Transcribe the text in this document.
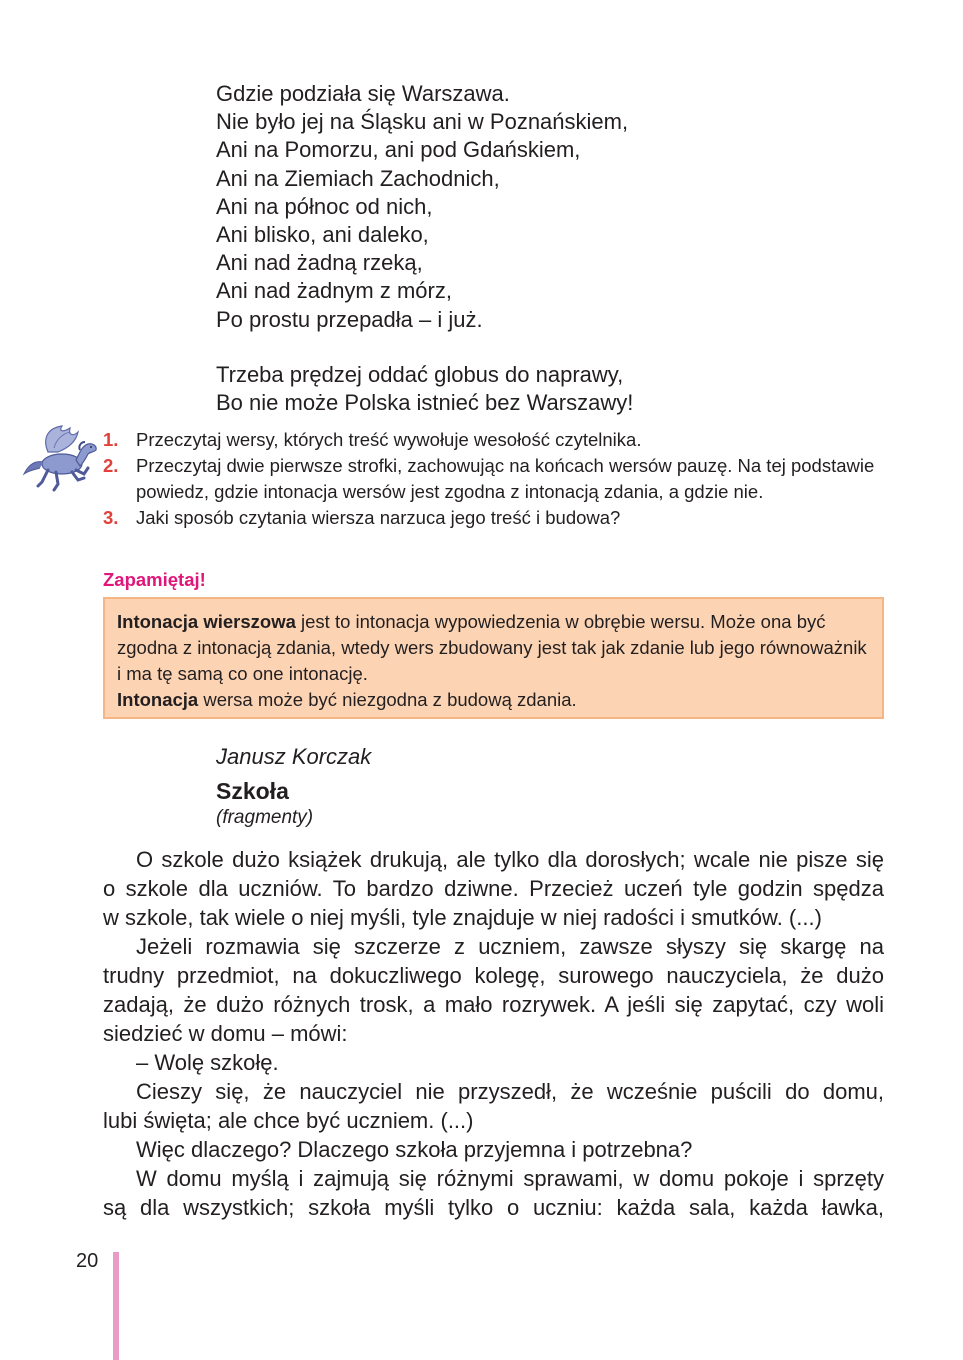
Gdzie podziała się Warszawa.
Nie było jej na Śląsku ani w Poznańskiem,
Ani na Pomorzu, ani pod Gdańskiem,
Ani na Ziemiach Zachodnich,
Ani na północ od nich,
Ani blisko, ani daleko,
Ani nad żadną rzeką,
Ani nad żadnym z mórz,
Po prostu przepadła – i już.
Trzeba prędzej oddać globus do naprawy,
Bo nie może Polska istnieć bez Warszawy!
1. Przeczytaj wersy, których treść wywołuje wesołość czytelnika.
2. Przeczytaj dwie pierwsze strofki, zachowując na końcach wersów pauzę. Na tej podstawie powiedz, gdzie intonacja wersów jest zgodna z intonacją zdania, a gdzie nie.
3. Jaki sposób czytania wiersza narzuca jego treść i budowa?
Zapamiętaj!

Intonacja wierszowa jest to intonacja wypowiedzenia w obrębie wersu. Może ona być zgodna z intonacją zdania, wtedy wers zbudowany jest tak jak zdanie lub jego równoważnik i ma tę samą co one intonację.

Intonacja wersa może być niezgodna z budową zdania.

Janusz Korczak
Szkoła
(fragmenty)
O szkole dużo książek drukują, ale tylko dla dorosłych; wcale nie pisze się
o szkole dla uczniów. To bardzo dziwne. Przecież uczeń tyle godzin spędza
w szkole, tak wiele o niej myśli, tyle znajduje w niej radości i smutków. (...)
Jeżeli rozmawia się szczerze z uczniem, zawsze słyszy się skargę na
trudny przedmiot, na dokuczliwego kolegę, surowego nauczyciela, że dużo
zadają, że dużo różnych trosk, a mało rozrywek. A jeśli się zapytać, czy woli
siedzieć w domu – mówi:
– Wolę szkołę.
Cieszy się, że nauczyciel nie przyszedł, że wcześnie puścili do domu,
lubi święta; ale chce być uczniem. (...)
Więc dlaczego? Dlaczego szkoła przyjemna i potrzebna?
W domu myślą i zajmują się różnymi sprawami, w domu pokoje i sprzęty
są dla wszystkich; szkoła myśli tylko o uczniu: każda sala, każda ławka,
20
